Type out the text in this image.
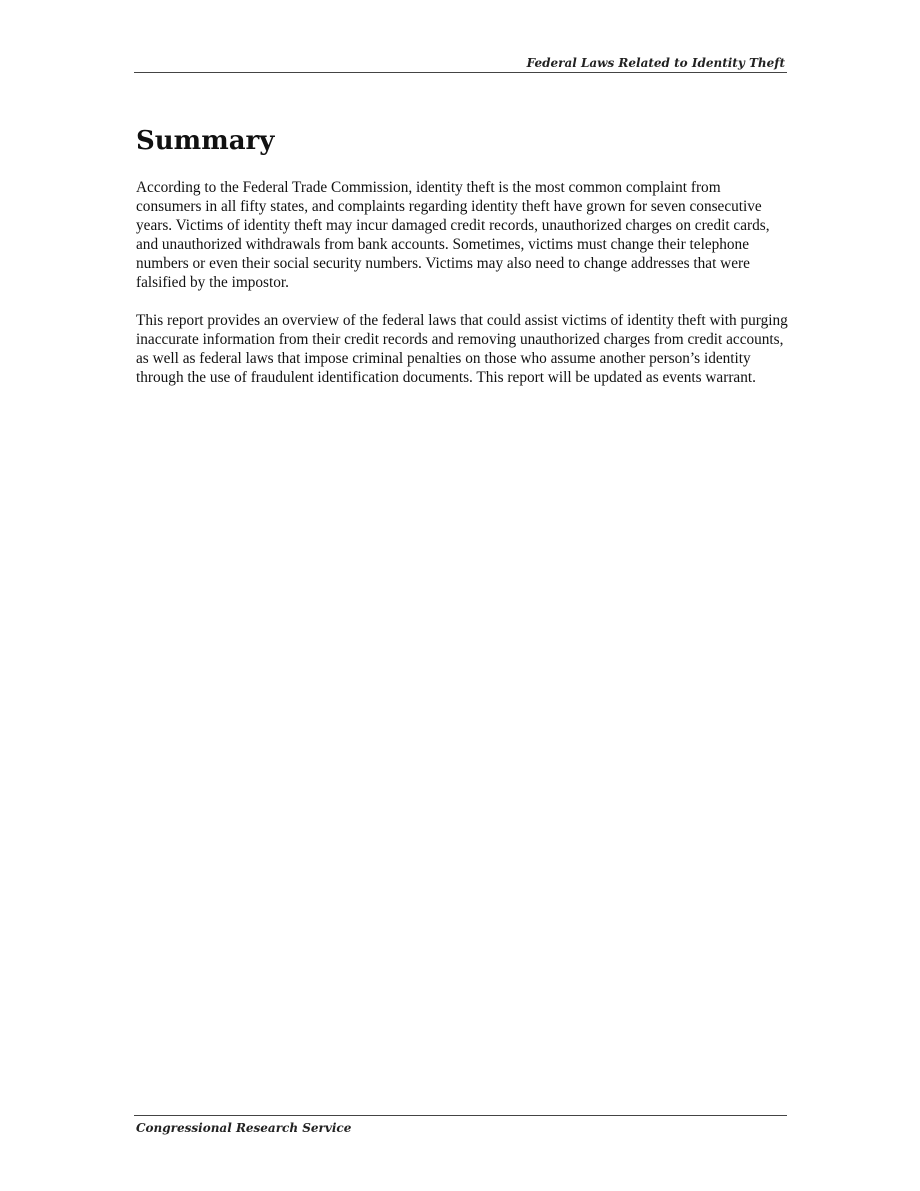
Federal Laws Related to Identity Theft
Summary

According to the Federal Trade Commission, identity theft is the most common complaint from consumers in all fifty states, and complaints regarding identity theft have grown for seven consecutive years. Victims of identity theft may incur damaged credit records, unauthorized charges on credit cards, and unauthorized withdrawals from bank accounts. Sometimes, victims must change their telephone numbers or even their social security numbers. Victims may also need to change addresses that were falsified by the impostor.

This report provides an overview of the federal laws that could assist victims of identity theft with purging inaccurate information from their credit records and removing unauthorized charges from credit accounts, as well as federal laws that impose criminal penalties on those who assume another person’s identity through the use of fraudulent identification documents. This report will be updated as events warrant.

Congressional Research Service
